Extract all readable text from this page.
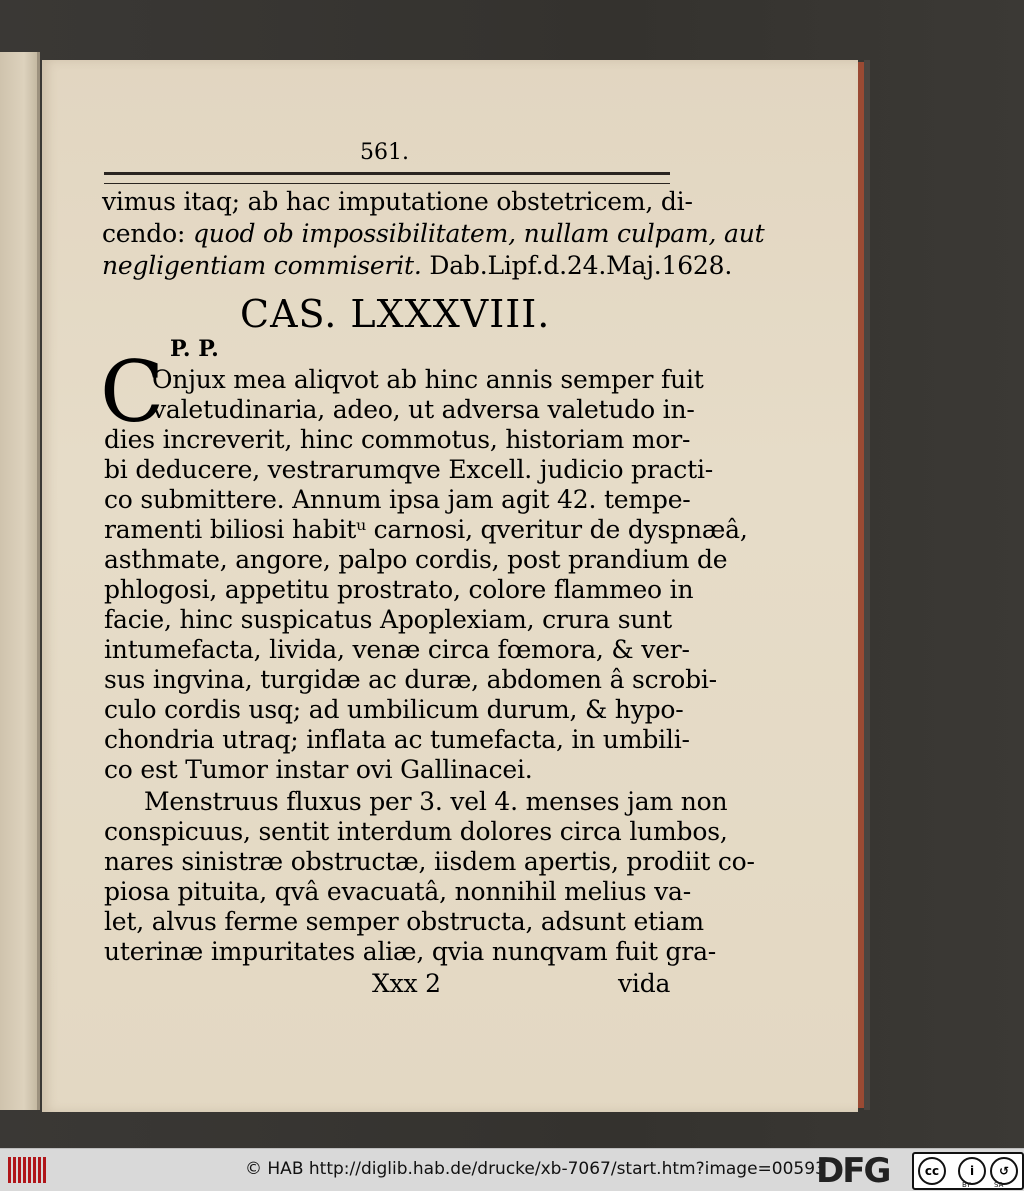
561.
vimus itaq; ab hac imputatione obstetricem, di-
cendo: quod ob impossibilitatem, nullam culpam, aut
negligentiam commiserit. Dab.Lipf.d.24.Maj.1628.
CAS. LXXXVIII.
P. P.
C
Onjux mea aliqvot ab hinc annis semper fuit
valetudinaria, adeo, ut adversa valetudo in-
dies increverit, hinc commotus, historiam mor-
bi deducere, vestrarumqve Excell. judicio practi-
co submittere. Annum ipsa jam agit 42. tempe-
ramenti biliosi habitᵘ carnosi, qveritur de dyspnæâ,
asthmate, angore, palpo cordis, post prandium de
phlogosi, appetitu prostrato, colore flammeo in
facie, hinc suspicatus Apoplexiam, crura sunt
intumefacta, livida, venæ circa fœmora, & ver-
sus ingvina, turgidæ ac duræ, abdomen â scrobi-
culo cordis usq; ad umbilicum durum, & hypo-
chondria utraq; inflata ac tumefacta, in umbili-
co est Tumor instar ovi Gallinacei.
Menstruus fluxus per 3. vel 4. menses jam non
conspicuus, sentit interdum dolores circa lumbos,
nares sinistræ obstructæ, iisdem apertis, prodiit co-
piosa pituita, qvâ evacuatâ, nonnihil melius va-
let, alvus ferme semper obstructa, adsunt etiam
uterinæ impuritates aliæ, qvia nunqvam fuit gra-
Xxx 2	vida
© HAB http://diglib.hab.de/drucke/xb-7067/start.htm?image=00593
DFG	cc	i	↺
BY	SA
